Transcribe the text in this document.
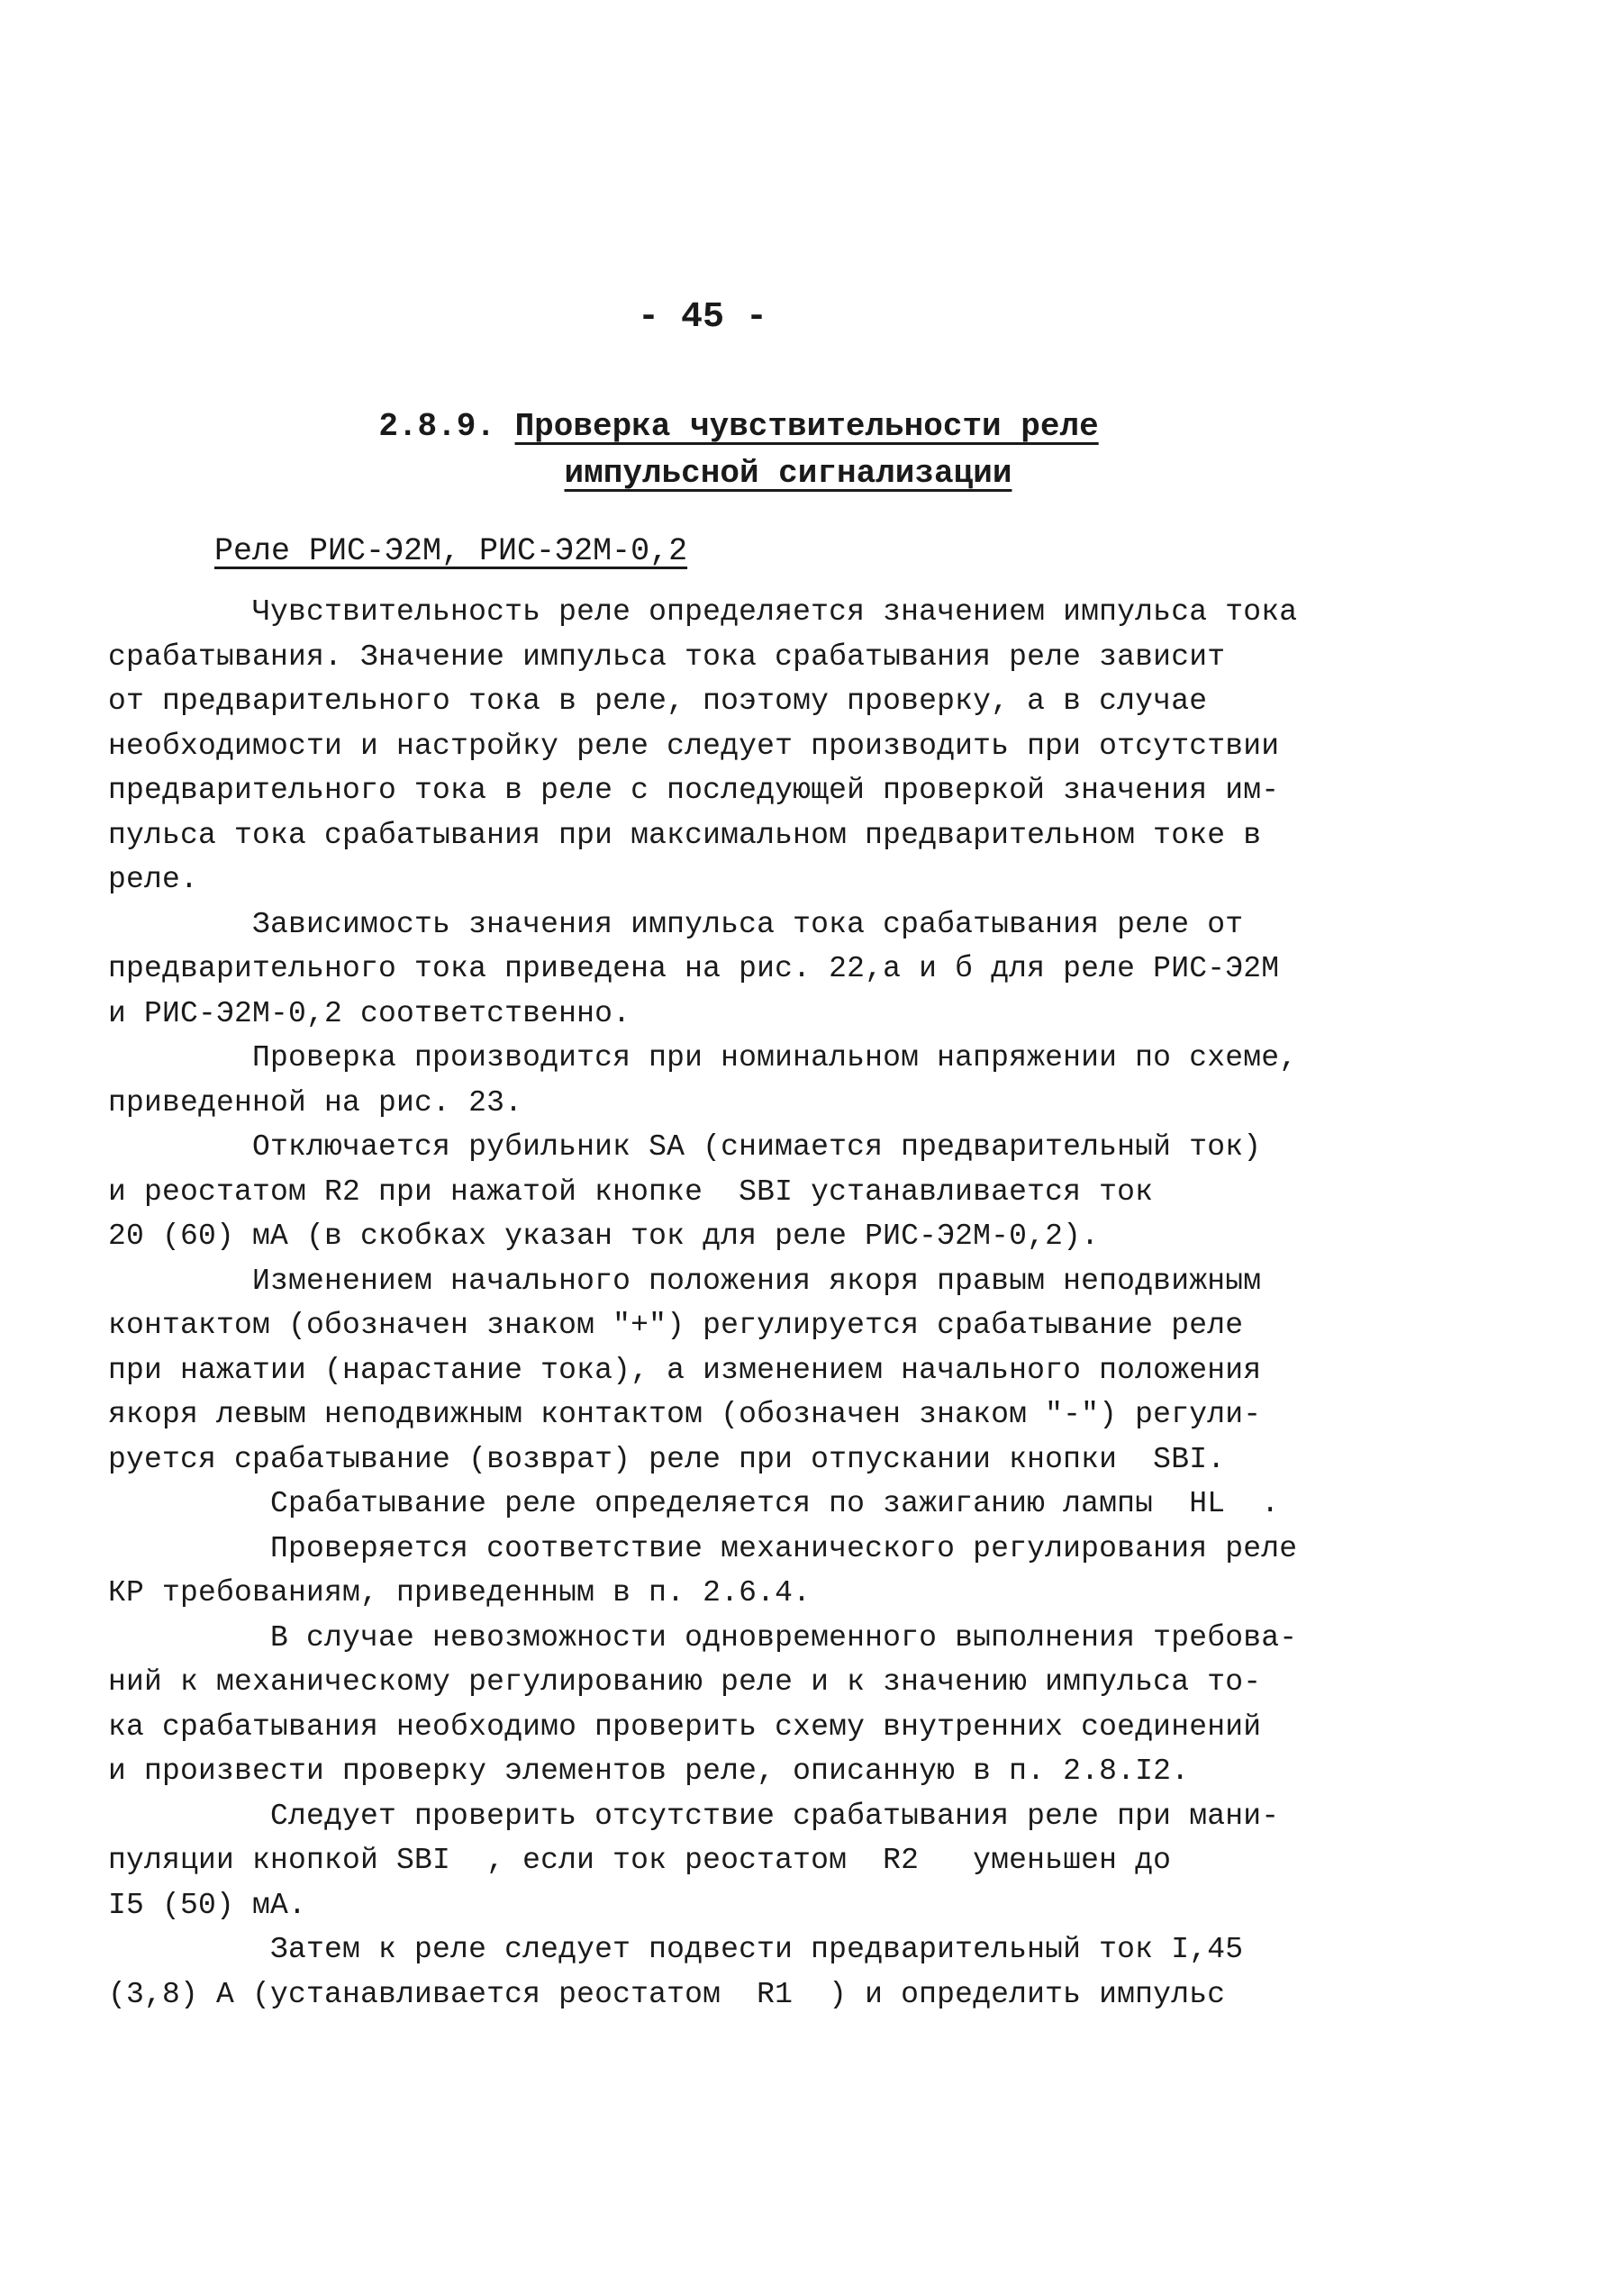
- 45 -
2.8.9. Проверка чувствительности реле
импульсной сигнализации
Реле РИС-Э2М, РИС-Э2М-0,2
Чувствительность реле определяется значением импульса тока
срабатывания. Значение импульса тока срабатывания реле зависит
от предварительного тока в реле, поэтому проверку, а в случае
необходимости и настройку реле следует производить при отсутствии
предварительного тока в реле с последующей проверкой значения им-
пульса тока срабатывания при максимальном предварительном токе в
реле.
Зависимость значения импульса тока срабатывания реле от
предварительного тока приведена на рис. 22,а и б для реле РИС-Э2М
и РИС-Э2М-0,2 соответственно.
Проверка производится при номинальном напряжении по схеме,
приведенной на рис. 23.
Отключается рубильник SA (снимается предварительный ток)
и реостатом R2 при нажатой кнопке  SBI устанавливается ток
20 (60) мА (в скобках указан ток для реле РИС-Э2М-0,2).
Изменением начального положения якоря правым неподвижным
контактом (обозначен знаком "+") регулируется срабатывание реле
при нажатии (нарастание тока), а изменением начального положения
якоря левым неподвижным контактом (обозначен знаком "-") регули-
руется срабатывание (возврат) реле при отпускании кнопки  SBI.
Срабатывание реле определяется по зажиганию лампы  HL  .
Проверяется соответствие механического регулирования реле
КР требованиям, приведенным в п. 2.6.4.
В случае невозможности одновременного выполнения требова-
ний к механическому регулированию реле и к значению импульса то-
ка срабатывания необходимо проверить схему внутренних соединений
и произвести проверку элементов реле, описанную в п. 2.8.I2.
Следует проверить отсутствие срабатывания реле при мани-
пуляции кнопкой SBI  , если ток реостатом  R2   уменьшен до
I5 (50) мА.
Затем к реле следует подвести предварительный ток I,45
(3,8) А (устанавливается реостатом  R1  ) и определить импульс
